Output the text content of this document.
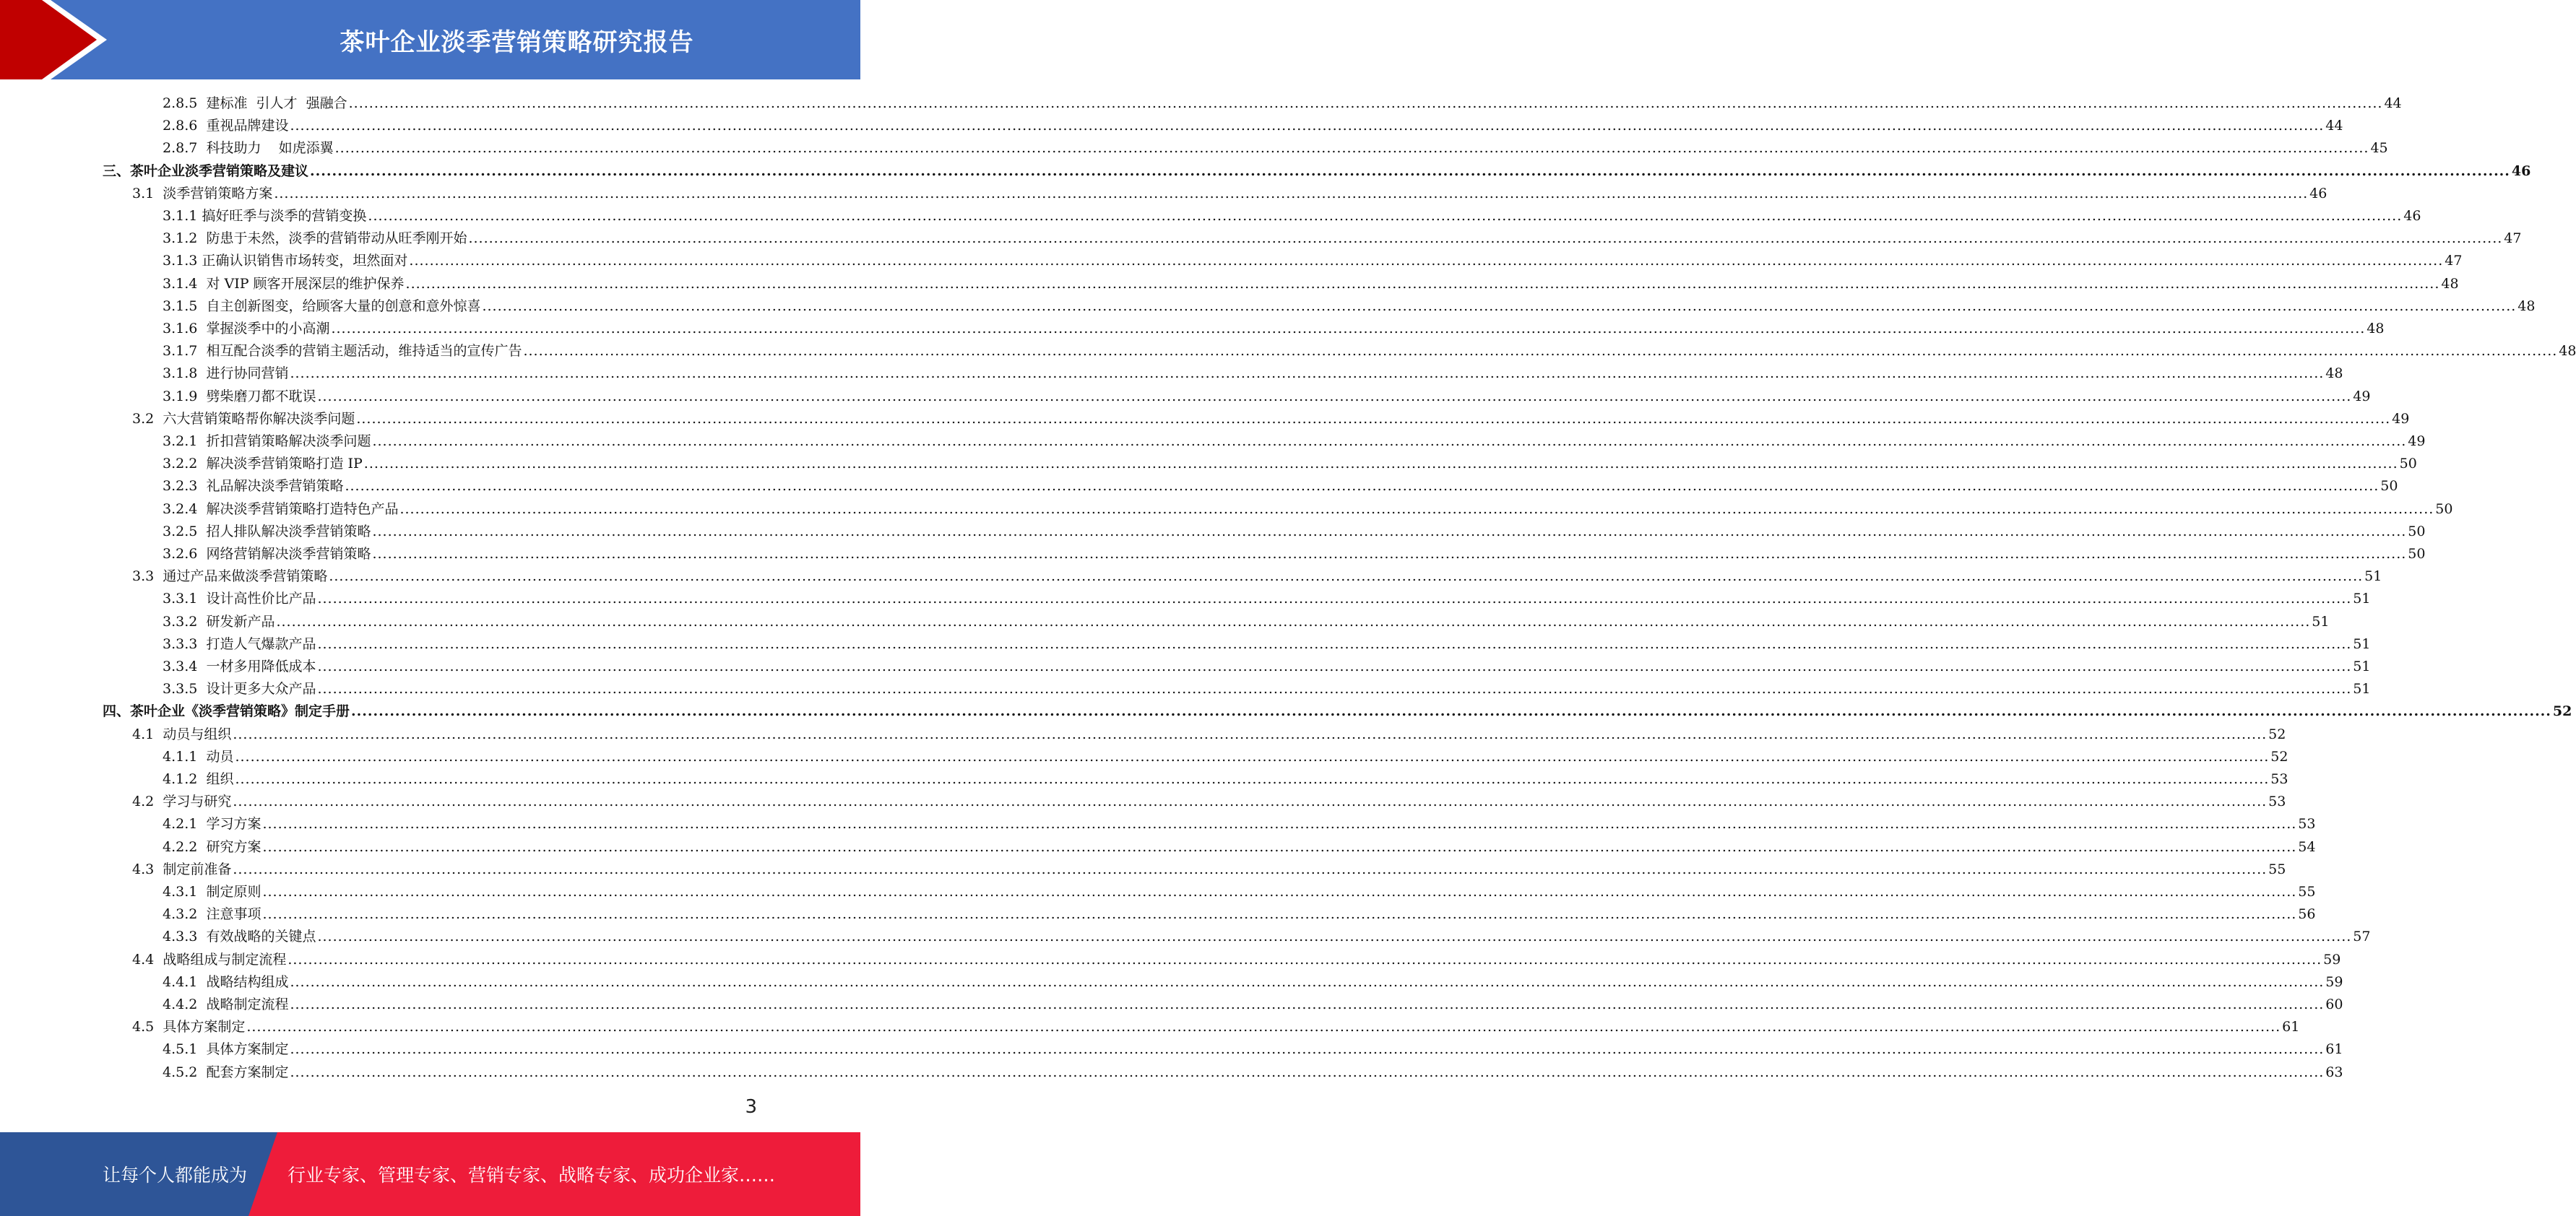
茶叶企业淡季营销策略研究报告
2.8.5
建标准  引人才  强融合 ................................................................................................................................................................................................................................................................................................................................................................................................................ 44
2.8.6
重视品牌建设 ................................................................................................................................................................................................................................................................................................................................................................................................................ 44
2.8.7
科技助力    如虎添翼 ................................................................................................................................................................................................................................................................................................................................................................................................................ 45
三、茶叶企业淡季营销策略及建议 ................................................................................................................................................................................................................................................................................................................................................................................................................ 46
3.1
淡季营销策略方案 ................................................................................................................................................................................................................................................................................................................................................................................................................ 46
3.1.1
搞好旺季与淡季的营销变换 ................................................................................................................................................................................................................................................................................................................................................................................................................ 46
3.1.2
防患于未然，淡季的营销带动从旺季刚开始 ................................................................................................................................................................................................................................................................................................................................................................................................................ 47
3.1.3
正确认识销售市场转变，坦然面对 ................................................................................................................................................................................................................................................................................................................................................................................................................ 47
3.1.4
对 VIP 顾客开展深层的维护保养 ................................................................................................................................................................................................................................................................................................................................................................................................................ 48
3.1.5
自主创新图变，给顾客大量的创意和意外惊喜 ................................................................................................................................................................................................................................................................................................................................................................................................................ 48
3.1.6
掌握淡季中的小高潮 ................................................................................................................................................................................................................................................................................................................................................................................................................ 48
3.1.7
相互配合淡季的营销主题活动，维持适当的宣传广告 ................................................................................................................................................................................................................................................................................................................................................................................................................ 48
3.1.8
进行协同营销 ................................................................................................................................................................................................................................................................................................................................................................................................................ 48
3.1.9
劈柴磨刀都不耽误 ................................................................................................................................................................................................................................................................................................................................................................................................................ 49
3.2
六大营销策略帮你解决淡季问题 ................................................................................................................................................................................................................................................................................................................................................................................................................ 49
3.2.1
折扣营销策略解决淡季问题 ................................................................................................................................................................................................................................................................................................................................................................................................................ 49
3.2.2
解决淡季营销策略打造 IP ................................................................................................................................................................................................................................................................................................................................................................................................................ 50
3.2.3
礼品解决淡季营销策略 ................................................................................................................................................................................................................................................................................................................................................................................................................ 50
3.2.4
解决淡季营销策略打造特色产品 ................................................................................................................................................................................................................................................................................................................................................................................................................ 50
3.2.5
招人排队解决淡季营销策略 ................................................................................................................................................................................................................................................................................................................................................................................................................ 50
3.2.6
网络营销解决淡季营销策略 ................................................................................................................................................................................................................................................................................................................................................................................................................ 50
3.3
通过产品来做淡季营销策略 ................................................................................................................................................................................................................................................................................................................................................................................................................ 51
3.3.1
设计高性价比产品 ................................................................................................................................................................................................................................................................................................................................................................................................................ 51
3.3.2
研发新产品 ................................................................................................................................................................................................................................................................................................................................................................................................................ 51
3.3.3
打造人气爆款产品 ................................................................................................................................................................................................................................................................................................................................................................................................................ 51
3.3.4
一材多用降低成本 ................................................................................................................................................................................................................................................................................................................................................................................................................ 51
3.3.5
设计更多大众产品 ................................................................................................................................................................................................................................................................................................................................................................................................................ 51
四、茶叶企业《淡季营销策略》制定手册 ................................................................................................................................................................................................................................................................................................................................................................................................................ 52
4.1
动员与组织 ................................................................................................................................................................................................................................................................................................................................................................................................................ 52
4.1.1
动员 ................................................................................................................................................................................................................................................................................................................................................................................................................ 52
4.1.2
组织 ................................................................................................................................................................................................................................................................................................................................................................................................................ 53
4.2
学习与研究 ................................................................................................................................................................................................................................................................................................................................................................................................................ 53
4.2.1
学习方案 ................................................................................................................................................................................................................................................................................................................................................................................................................ 53
4.2.2
研究方案 ................................................................................................................................................................................................................................................................................................................................................................................................................ 54
4.3
制定前准备 ................................................................................................................................................................................................................................................................................................................................................................................................................ 55
4.3.1
制定原则 ................................................................................................................................................................................................................................................................................................................................................................................................................ 55
4.3.2
注意事项 ................................................................................................................................................................................................................................................................................................................................................................................................................ 56
4.3.3
有效战略的关键点 ................................................................................................................................................................................................................................................................................................................................................................................................................ 57
4.4
战略组成与制定流程 ................................................................................................................................................................................................................................................................................................................................................................................................................ 59
4.4.1
战略结构组成 ................................................................................................................................................................................................................................................................................................................................................................................................................ 59
4.4.2
战略制定流程 ................................................................................................................................................................................................................................................................................................................................................................................................................ 60
4.5
具体方案制定 ................................................................................................................................................................................................................................................................................................................................................................................................................ 61
4.5.1
具体方案制定 ................................................................................................................................................................................................................................................................................................................................................................................................................ 61
4.5.2
配套方案制定 ................................................................................................................................................................................................................................................................................................................................................................................................................ 63
3
让每个人都能成为 行业专家、管理专家、营销专家、战略专家、成功企业家……
